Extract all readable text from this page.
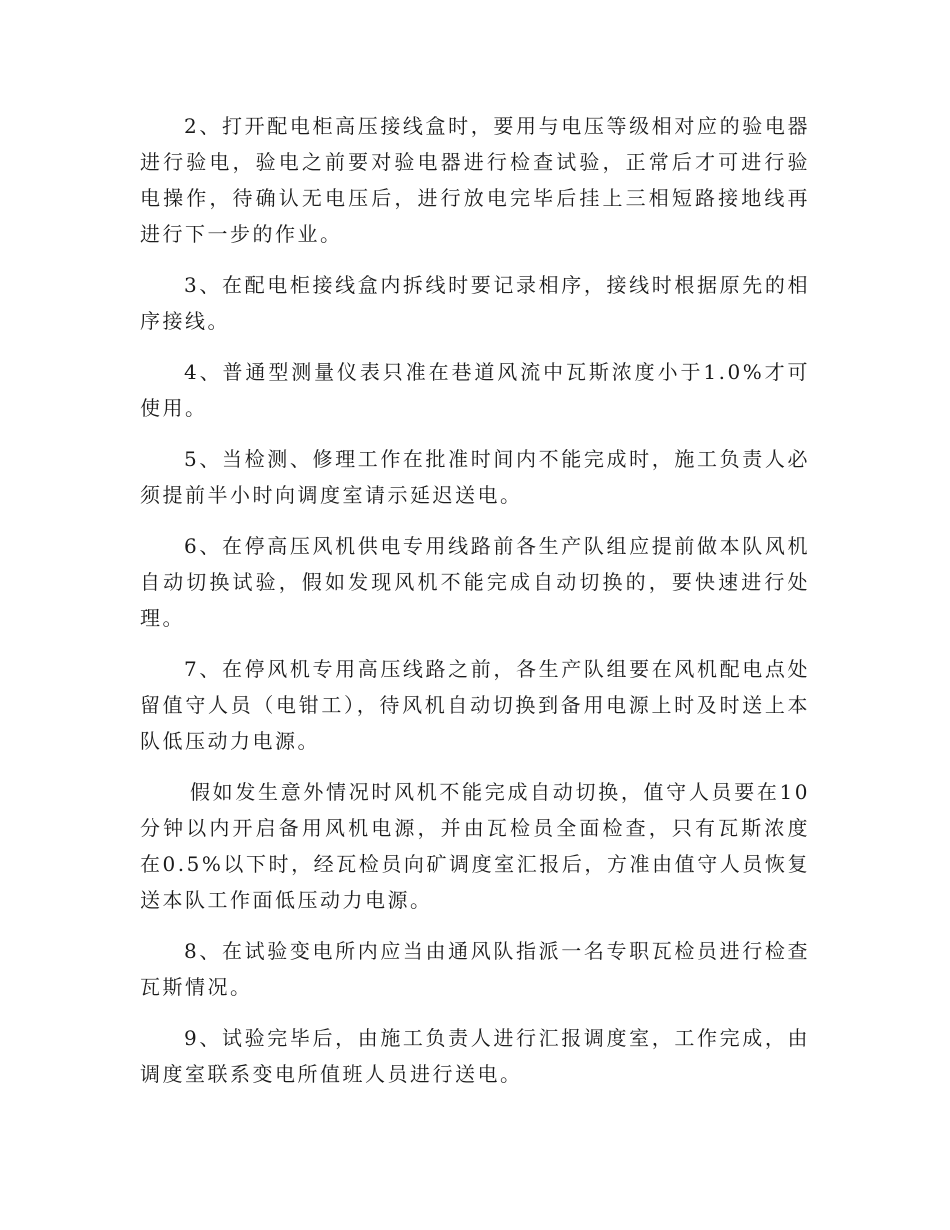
2、打开配电柜高压接线盒时，要用与电压等级相对应的验电器进行验电，验电之前要对验电器进行检查试验，正常后才可进行验电操作，待确认无电压后，进行放电完毕后挂上三相短路接地线再进行下一步的作业。

3、在配电柜接线盒内拆线时要记录相序，接线时根据原先的相序接线。

4、普通型测量仪表只准在巷道风流中瓦斯浓度小于1.0%才可使用。

5、当检测、修理工作在批准时间内不能完成时，施工负责人必须提前半小时向调度室请示延迟送电。

6、在停高压风机供电专用线路前各生产队组应提前做本队风机自动切换试验，假如发现风机不能完成自动切换的，要快速进行处理。

7、在停风机专用高压线路之前，各生产队组要在风机配电点处留值守人员（电钳工），待风机自动切换到备用电源上时及时送上本队低压动力电源。

假如发生意外情况时风机不能完成自动切换，值守人员要在10分钟以内开启备用风机电源，并由瓦检员全面检查，只有瓦斯浓度在0.5%以下时，经瓦检员向矿调度室汇报后，方准由值守人员恢复送本队工作面低压动力电源。

8、在试验变电所内应当由通风队指派一名专职瓦检员进行检查瓦斯情况。

9、试验完毕后，由施工负责人进行汇报调度室，工作完成，由调度室联系变电所值班人员进行送电。
